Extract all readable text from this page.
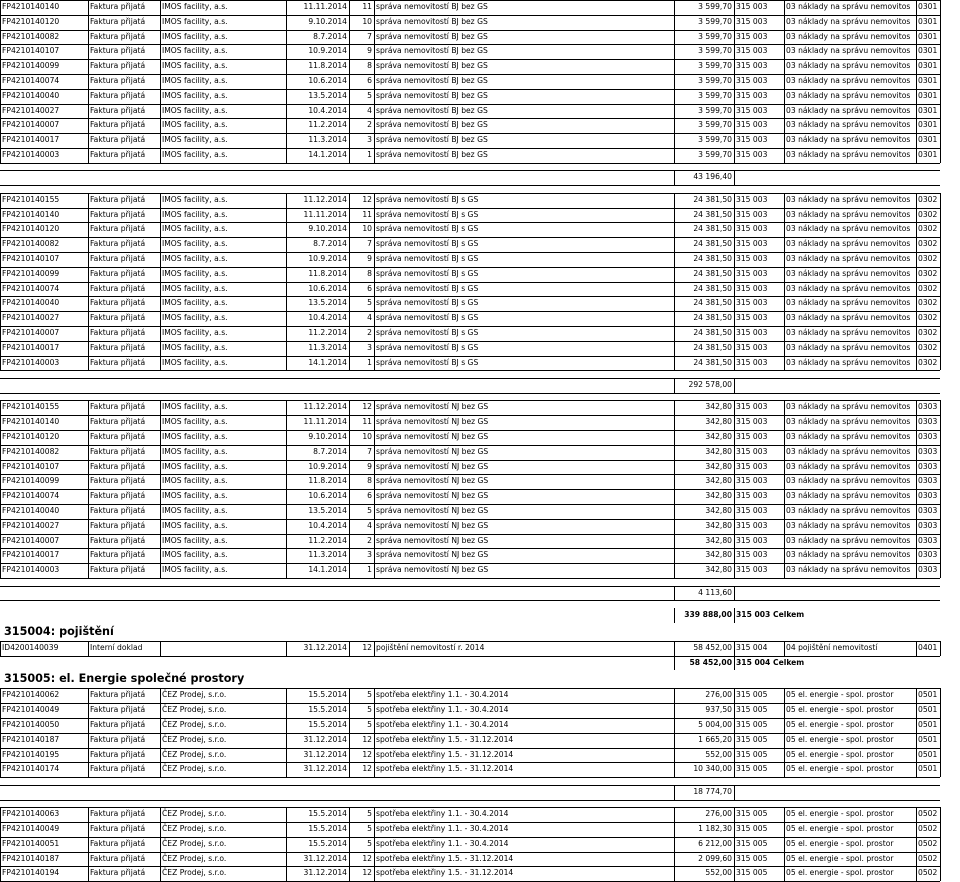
FP4210140140	Faktura přijatá	IMOS facility, a.s.	11.11.2014	11 správa nemovitostí BJ bez GS	3 599,70 315 003	03 náklady na správu nemovitos	0301
FP4210140120	Faktura přijatá	IMOS facility, a.s.	9.10.2014	10 správa nemovitostí BJ bez GS	3 599,70 315 003	03 náklady na správu nemovitos	0301
FP4210140082	Faktura přijatá	IMOS facility, a.s.	8.7.2014	7 správa nemovitostí BJ bez GS	3 599,70 315 003	03 náklady na správu nemovitos	0301
FP4210140107	Faktura přijatá	IMOS facility, a.s.	10.9.2014	9 správa nemovitostí BJ bez GS	3 599,70 315 003	03 náklady na správu nemovitos	0301
FP4210140099	Faktura přijatá	IMOS facility, a.s.	11.8.2014	8 správa nemovitostí BJ bez GS	3 599,70 315 003	03 náklady na správu nemovitos	0301
FP4210140074	Faktura přijatá	IMOS facility, a.s.	10.6.2014	6 správa nemovitostí BJ bez GS	3 599,70 315 003	03 náklady na správu nemovitos	0301
FP4210140040	Faktura přijatá	IMOS facility, a.s.	13.5.2014	5 správa nemovitostí BJ bez GS	3 599,70 315 003	03 náklady na správu nemovitos	0301
FP4210140027	Faktura přijatá	IMOS facility, a.s.	10.4.2014	4 správa nemovitostí BJ bez GS	3 599,70 315 003	03 náklady na správu nemovitos	0301
FP4210140007	Faktura přijatá	IMOS facility, a.s.	11.2.2014	2 správa nemovitostí BJ bez GS	3 599,70 315 003	03 náklady na správu nemovitos	0301
FP4210140017	Faktura přijatá	IMOS facility, a.s.	11.3.2014	3 správa nemovitostí BJ bez GS	3 599,70 315 003	03 náklady na správu nemovitos	0301
FP4210140003	Faktura přijatá	IMOS facility, a.s.	14.1.2014	1 správa nemovitostí BJ bez GS	3 599,70 315 003	03 náklady na správu nemovitos	0301
43 196,40
FP4210140155	Faktura přijatá	IMOS facility, a.s.	11.12.2014	12 správa nemovitostí BJ s GS	24 381,50 315 003	03 náklady na správu nemovitos	0302
FP4210140140	Faktura přijatá	IMOS facility, a.s.	11.11.2014	11 správa nemovitostí BJ s GS	24 381,50 315 003	03 náklady na správu nemovitos	0302
FP4210140120	Faktura přijatá	IMOS facility, a.s.	9.10.2014	10 správa nemovitostí BJ s GS	24 381,50 315 003	03 náklady na správu nemovitos	0302
FP4210140082	Faktura přijatá	IMOS facility, a.s.	8.7.2014	7 správa nemovitostí BJ s GS	24 381,50 315 003	03 náklady na správu nemovitos	0302
FP4210140107	Faktura přijatá	IMOS facility, a.s.	10.9.2014	9 správa nemovitostí BJ s GS	24 381,50 315 003	03 náklady na správu nemovitos	0302
FP4210140099	Faktura přijatá	IMOS facility, a.s.	11.8.2014	8 správa nemovitostí BJ s GS	24 381,50 315 003	03 náklady na správu nemovitos	0302
FP4210140074	Faktura přijatá	IMOS facility, a.s.	10.6.2014	6 správa nemovitostí BJ s GS	24 381,50 315 003	03 náklady na správu nemovitos	0302
FP4210140040	Faktura přijatá	IMOS facility, a.s.	13.5.2014	5 správa nemovitostí BJ s GS	24 381,50 315 003	03 náklady na správu nemovitos	0302
FP4210140027	Faktura přijatá	IMOS facility, a.s.	10.4.2014	4 správa nemovitostí BJ s GS	24 381,50 315 003	03 náklady na správu nemovitos	0302
FP4210140007	Faktura přijatá	IMOS facility, a.s.	11.2.2014	2 správa nemovitostí BJ s GS	24 381,50 315 003	03 náklady na správu nemovitos	0302
FP4210140017	Faktura přijatá	IMOS facility, a.s.	11.3.2014	3 správa nemovitostí BJ s GS	24 381,50 315 003	03 náklady na správu nemovitos	0302
FP4210140003	Faktura přijatá	IMOS facility, a.s.	14.1.2014	1 správa nemovitostí BJ s GS	24 381,50 315 003	03 náklady na správu nemovitos	0302
292 578,00
FP4210140155	Faktura přijatá	IMOS facility, a.s.	11.12.2014	12 správa nemovitostí NJ bez GS	342,80 315 003	03 náklady na správu nemovitos	0303
FP4210140140	Faktura přijatá	IMOS facility, a.s.	11.11.2014	11 správa nemovitostí NJ bez GS	342,80 315 003	03 náklady na správu nemovitos	0303
FP4210140120	Faktura přijatá	IMOS facility, a.s.	9.10.2014	10 správa nemovitostí NJ bez GS	342,80 315 003	03 náklady na správu nemovitos	0303
FP4210140082	Faktura přijatá	IMOS facility, a.s.	8.7.2014	7 správa nemovitostí NJ bez GS	342,80 315 003	03 náklady na správu nemovitos	0303
FP4210140107	Faktura přijatá	IMOS facility, a.s.	10.9.2014	9 správa nemovitostí NJ bez GS	342,80 315 003	03 náklady na správu nemovitos	0303
FP4210140099	Faktura přijatá	IMOS facility, a.s.	11.8.2014	8 správa nemovitostí NJ bez GS	342,80 315 003	03 náklady na správu nemovitos	0303
FP4210140074	Faktura přijatá	IMOS facility, a.s.	10.6.2014	6 správa nemovitostí NJ bez GS	342,80 315 003	03 náklady na správu nemovitos	0303
FP4210140040	Faktura přijatá	IMOS facility, a.s.	13.5.2014	5 správa nemovitostí NJ bez GS	342,80 315 003	03 náklady na správu nemovitos	0303
FP4210140027	Faktura přijatá	IMOS facility, a.s.	10.4.2014	4 správa nemovitostí NJ bez GS	342,80 315 003	03 náklady na správu nemovitos	0303
FP4210140007	Faktura přijatá	IMOS facility, a.s.	11.2.2014	2 správa nemovitostí NJ bez GS	342,80 315 003	03 náklady na správu nemovitos	0303
FP4210140017	Faktura přijatá	IMOS facility, a.s.	11.3.2014	3 správa nemovitostí NJ bez GS	342,80 315 003	03 náklady na správu nemovitos	0303
FP4210140003	Faktura přijatá	IMOS facility, a.s.	14.1.2014	1 správa nemovitostí NJ bez GS	342,80 315 003	03 náklady na správu nemovitos	0303
4 113,60
339 888,00 315 003 Celkem
315004: pojištění
ID4200140039	Interní doklad	31.12.2014	12 pojištění nemovitostí r. 2014	58 452,00 315 004	04 pojištění nemovitostí	0401
58 452,00 315 004 Celkem
315005: el. Energie společné prostory
FP4210140062	Faktura přijatá	ČEZ Prodej, s.r.o.	15.5.2014	5 spotřeba elektřiny 1.1. - 30.4.2014	276,00 315 005	05 el. energie - spol. prostor	0501
FP4210140049	Faktura přijatá	ČEZ Prodej, s.r.o.	15.5.2014	5 spotřeba elektřiny 1.1. - 30.4.2014	937,50 315 005	05 el. energie - spol. prostor	0501
FP4210140050	Faktura přijatá	ČEZ Prodej, s.r.o.	15.5.2014	5 spotřeba elektřiny 1.1. - 30.4.2014	5 004,00 315 005	05 el. energie - spol. prostor	0501
FP4210140187	Faktura přijatá	ČEZ Prodej, s.r.o.	31.12.2014	12 spotřeba elektřiny 1.5. - 31.12.2014	1 665,20 315 005	05 el. energie - spol. prostor	0501
FP4210140195	Faktura přijatá	ČEZ Prodej, s.r.o.	31.12.2014	12 spotřeba elektřiny 1.5. - 31.12.2014	552,00 315 005	05 el. energie - spol. prostor	0501
FP4210140174	Faktura přijatá	ČEZ Prodej, s.r.o.	31.12.2014	12 spotřeba elektřiny 1.5. - 31.12.2014	10 340,00 315 005	05 el. energie - spol. prostor	0501
18 774,70
FP4210140063	Faktura přijatá	ČEZ Prodej, s.r.o.	15.5.2014	5 spotřeba elektřiny 1.1. - 30.4.2014	276,00 315 005	05 el. energie - spol. prostor	0502
FP4210140049	Faktura přijatá	ČEZ Prodej, s.r.o.	15.5.2014	5 spotřeba elektřiny 1.1. - 30.4.2014	1 182,30 315 005	05 el. energie - spol. prostor	0502
FP4210140051	Faktura přijatá	ČEZ Prodej, s.r.o.	15.5.2014	5 spotřeba elektřiny 1.1. - 30.4.2014	6 212,00 315 005	05 el. energie - spol. prostor	0502
FP4210140187	Faktura přijatá	ČEZ Prodej, s.r.o.	31.12.2014	12 spotřeba elektřiny 1.5. - 31.12.2014	2 099,60 315 005	05 el. energie - spol. prostor	0502
FP4210140194	Faktura přijatá	ČEZ Prodej, s.r.o.	31.12.2014	12 spotřeba elektřiny 1.5. - 31.12.2014	552,00 315 005	05 el. energie - spol. prostor	0502
